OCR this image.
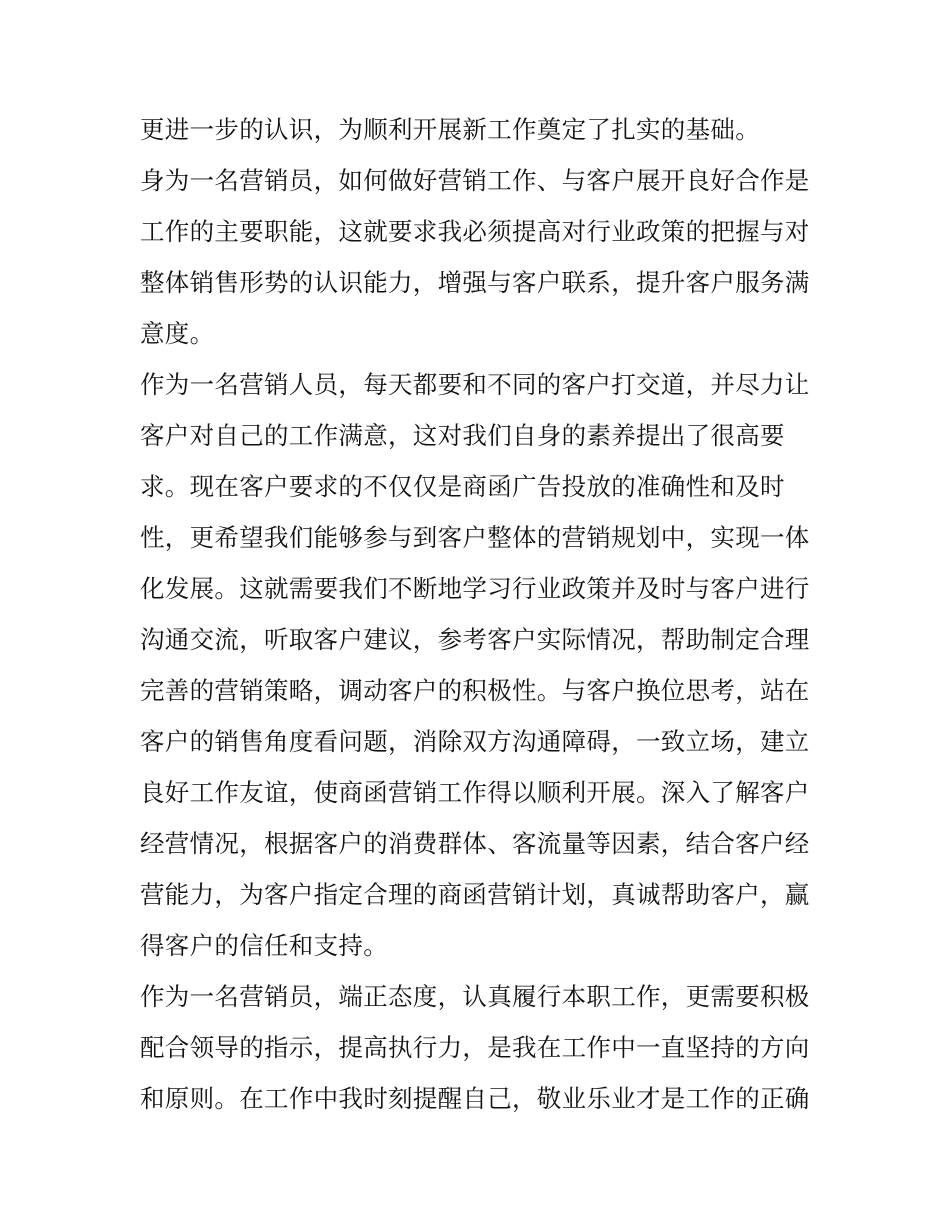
更进一步的认识，为顺利开展新工作奠定了扎实的基础。
身为一名营销员，如何做好营销工作、与客户展开良好合作是
工作的主要职能，这就要求我必须提高对行业政策的把握与对
整体销售形势的认识能力，增强与客户联系，提升客户服务满
意度。
作为一名营销人员，每天都要和不同的客户打交道，并尽力让
客户对自己的工作满意，这对我们自身的素养提出了很高要
求。现在客户要求的不仅仅是商函广告投放的准确性和及时
性，更希望我们能够参与到客户整体的营销规划中，实现一体
化发展。这就需要我们不断地学习行业政策并及时与客户进行
沟通交流，听取客户建议，参考客户实际情况，帮助制定合理
完善的营销策略，调动客户的积极性。与客户换位思考，站在
客户的销售角度看问题，消除双方沟通障碍，一致立场，建立
良好工作友谊，使商函营销工作得以顺利开展。深入了解客户
经营情况，根据客户的消费群体、客流量等因素，结合客户经
营能力，为客户指定合理的商函营销计划，真诚帮助客户，赢
得客户的信任和支持。
作为一名营销员，端正态度，认真履行本职工作，更需要积极
配合领导的指示，提高执行力，是我在工作中一直坚持的方向
和原则。在工作中我时刻提醒自己，敬业乐业才是工作的正确
